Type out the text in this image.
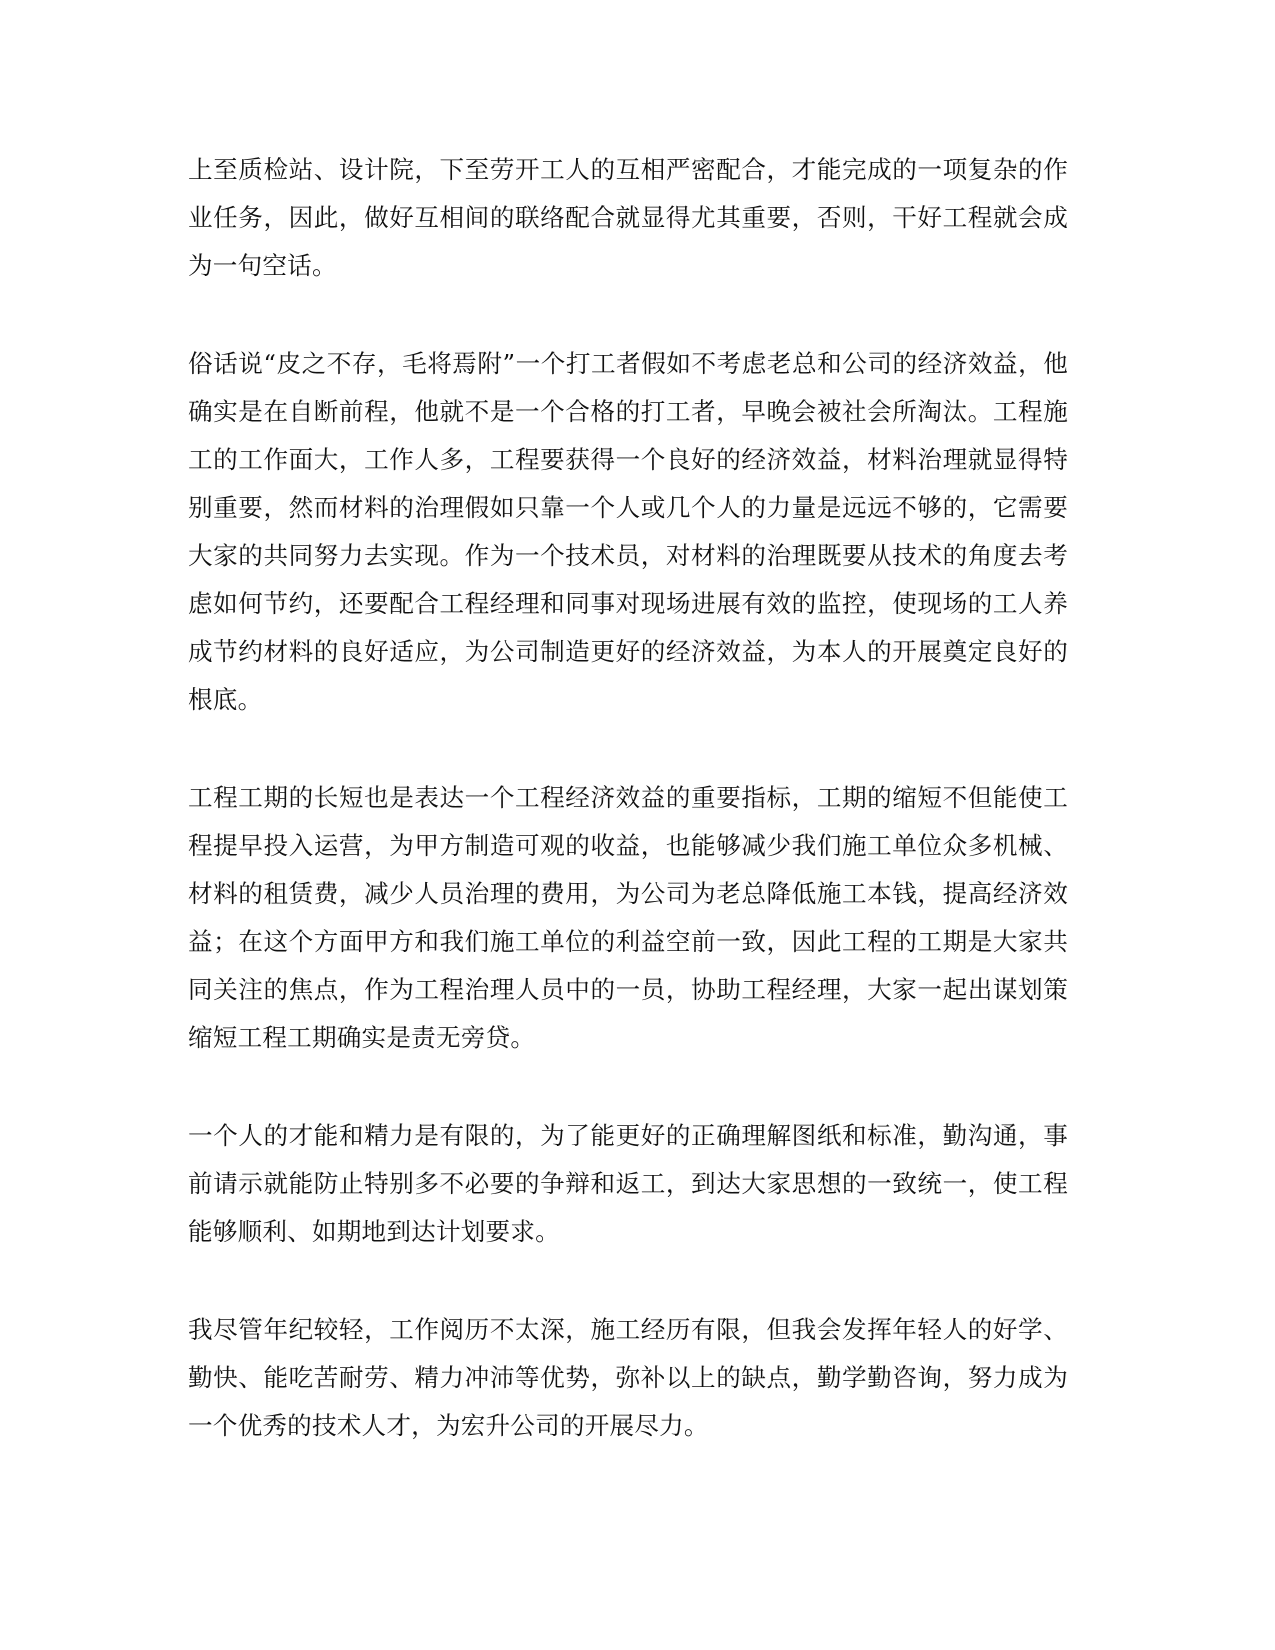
上至质检站、设计院，下至劳开工人的互相严密配合，才能完成的一项复杂的作业任务，因此，做好互相间的联络配合就显得尤其重要，否则，干好工程就会成为一句空话。

俗话说“皮之不存，毛将焉附”一个打工者假如不考虑老总和公司的经济效益，他确实是在自断前程，他就不是一个合格的打工者，早晚会被社会所淘汰。工程施工的工作面大，工作人多，工程要获得一个良好的经济效益，材料治理就显得特别重要，然而材料的治理假如只靠一个人或几个人的力量是远远不够的，它需要大家的共同努力去实现。作为一个技术员，对材料的治理既要从技术的角度去考虑如何节约，还要配合工程经理和同事对现场进展有效的监控，使现场的工人养成节约材料的良好适应，为公司制造更好的经济效益，为本人的开展奠定良好的根底。

工程工期的长短也是表达一个工程经济效益的重要指标，工期的缩短不但能使工程提早投入运营，为甲方制造可观的收益，也能够减少我们施工单位众多机械、材料的租赁费，减少人员治理的费用，为公司为老总降低施工本钱，提高经济效益；在这个方面甲方和我们施工单位的利益空前一致，因此工程的工期是大家共同关注的焦点，作为工程治理人员中的一员，协助工程经理，大家一起出谋划策缩短工程工期确实是责无旁贷。

一个人的才能和精力是有限的，为了能更好的正确理解图纸和标准，勤沟通，事前请示就能防止特别多不必要的争辩和返工，到达大家思想的一致统一，使工程能够顺利、如期地到达计划要求。

我尽管年纪较轻，工作阅历不太深，施工经历有限，但我会发挥年轻人的好学、勤快、能吃苦耐劳、精力冲沛等优势，弥补以上的缺点，勤学勤咨询，努力成为一个优秀的技术人才，为宏升公司的开展尽力。
